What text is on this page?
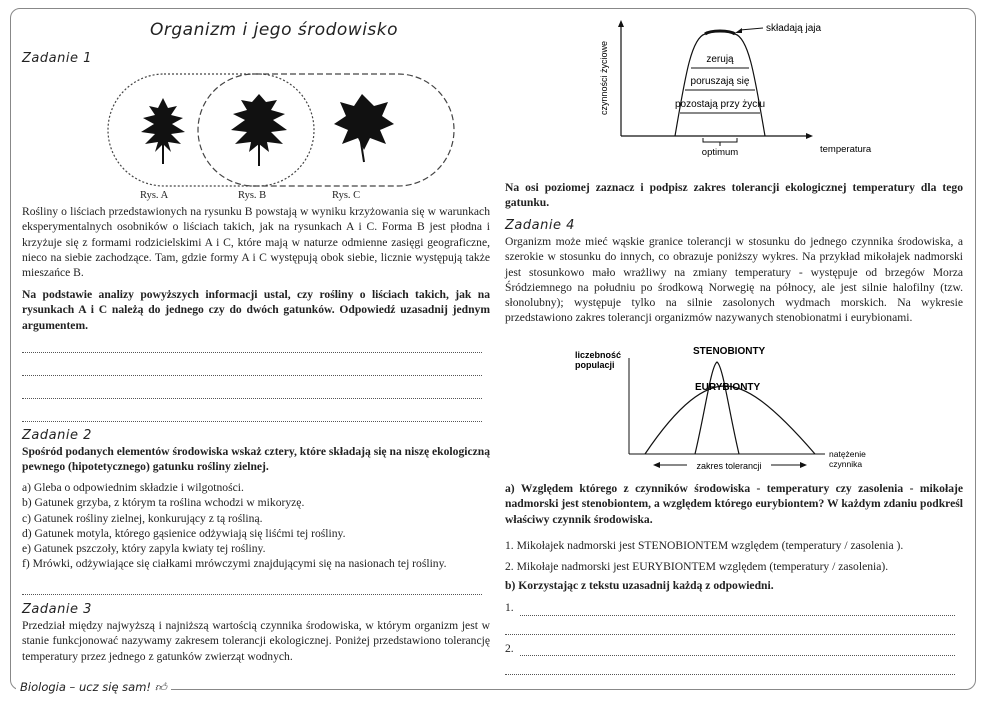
Organizm i jego środowisko
Zadanie 1
Rys. A	Rys. B	Rys. C

Rośliny o liściach przedstawionych na rysunku B powstają w wyniku krzyżowania się w warunkach eksperymentalnych osobników o liściach takich, jak na rysunkach A i C. Forma B jest płodna i krzyżuje się z formami rodzicielskimi A i C, które mają w naturze odmienne zasięgi geograficzne, nieco na siebie zachodzące. Tam, gdzie formy A i C występują obok siebie, licznie występują także mieszańce B.

Na podstawie analizy powyższych informacji ustal, czy rośliny o liściach takich, jak na rysunkach A i C należą do jednego czy do dwóch gatunków. Odpowiedź uzasadnij jednym argumentem.

Zadanie 2

Spośród podanych elementów środowiska wskaż cztery, które składają się na niszę ekologiczną pewnego (hipotetycznego) gatunku rośliny zielnej.

a) Gleba o odpowiednim składzie i wilgotności.
b) Gatunek grzyba, z którym ta roślina wchodzi w mikoryzę.
c) Gatunek rośliny zielnej, konkurujący z tą rośliną.
d) Gatunek motyla, którego gąsienice odżywiają się liśćmi tej rośliny.
e) Gatunek pszczoły, który zapyla kwiaty tej rośliny.
f) Mrówki, odżywiające się ciałkami mrówczymi znajdującymi się na nasionach tej rośliny.
Zadanie 3

Przedział między najwyższą i najniższą wartością czynnika środowiska, w którym organizm jest w stanie funkcjonować nazywamy zakresem tolerancji ekologicznej. Poniżej przedstawiono tolerancję temperatury przez jednego z gatunków zwierząt wodnych.

czynności życiowe	zerują
poruszają się
pozostają przy życiu
składają jaja
optimum	temperatura

Na osi poziomej zaznacz i podpisz zakres tolerancji ekologicznej temperatury dla tego gatunku.

Zadanie 4

Organizm może mieć wąskie granice tolerancji w stosunku do jednego czynnika środowiska, a szerokie w stosunku do innych, co obrazuje poniższy wykres. Na przykład mikołajek nadmorski jest stosunkowo mało wrażliwy na zmiany temperatury - występuje od brzegów Morza Śródziemnego na południu po środkową Norwegię na północy, ale jest silnie halofilny (tzw. słonolubny); występuje tylko na silnie zasolonych wydmach morskich. Na wykresie przedstawiono zakres tolerancji organizmów nazywanych stenobionatmi i eurybionami.

liczebność
populacji
STENOBIONTY
EURYBIONTY
zakres tolerancji
natężenie
czynnika

a) Względem którego z czynników środowiska - temperatury czy zasolenia - mikołaje nadmorski jest stenobiontem, a względem którego eurybiontem? W każdym zdaniu podkreśl właściwy czynnik środowiska.

1. Mikołajek nadmorski jest STENOBIONTEM względem (temperatury / zasolenia ).
2. Mikołaje nadmorski jest EURYBIONTEM względem (temperatury / zasolenia).
b) Korzystając z tekstu uzasadnij każdą z odpowiedni.
1.
2.
Biologia – ucz się sam! 👍︎
